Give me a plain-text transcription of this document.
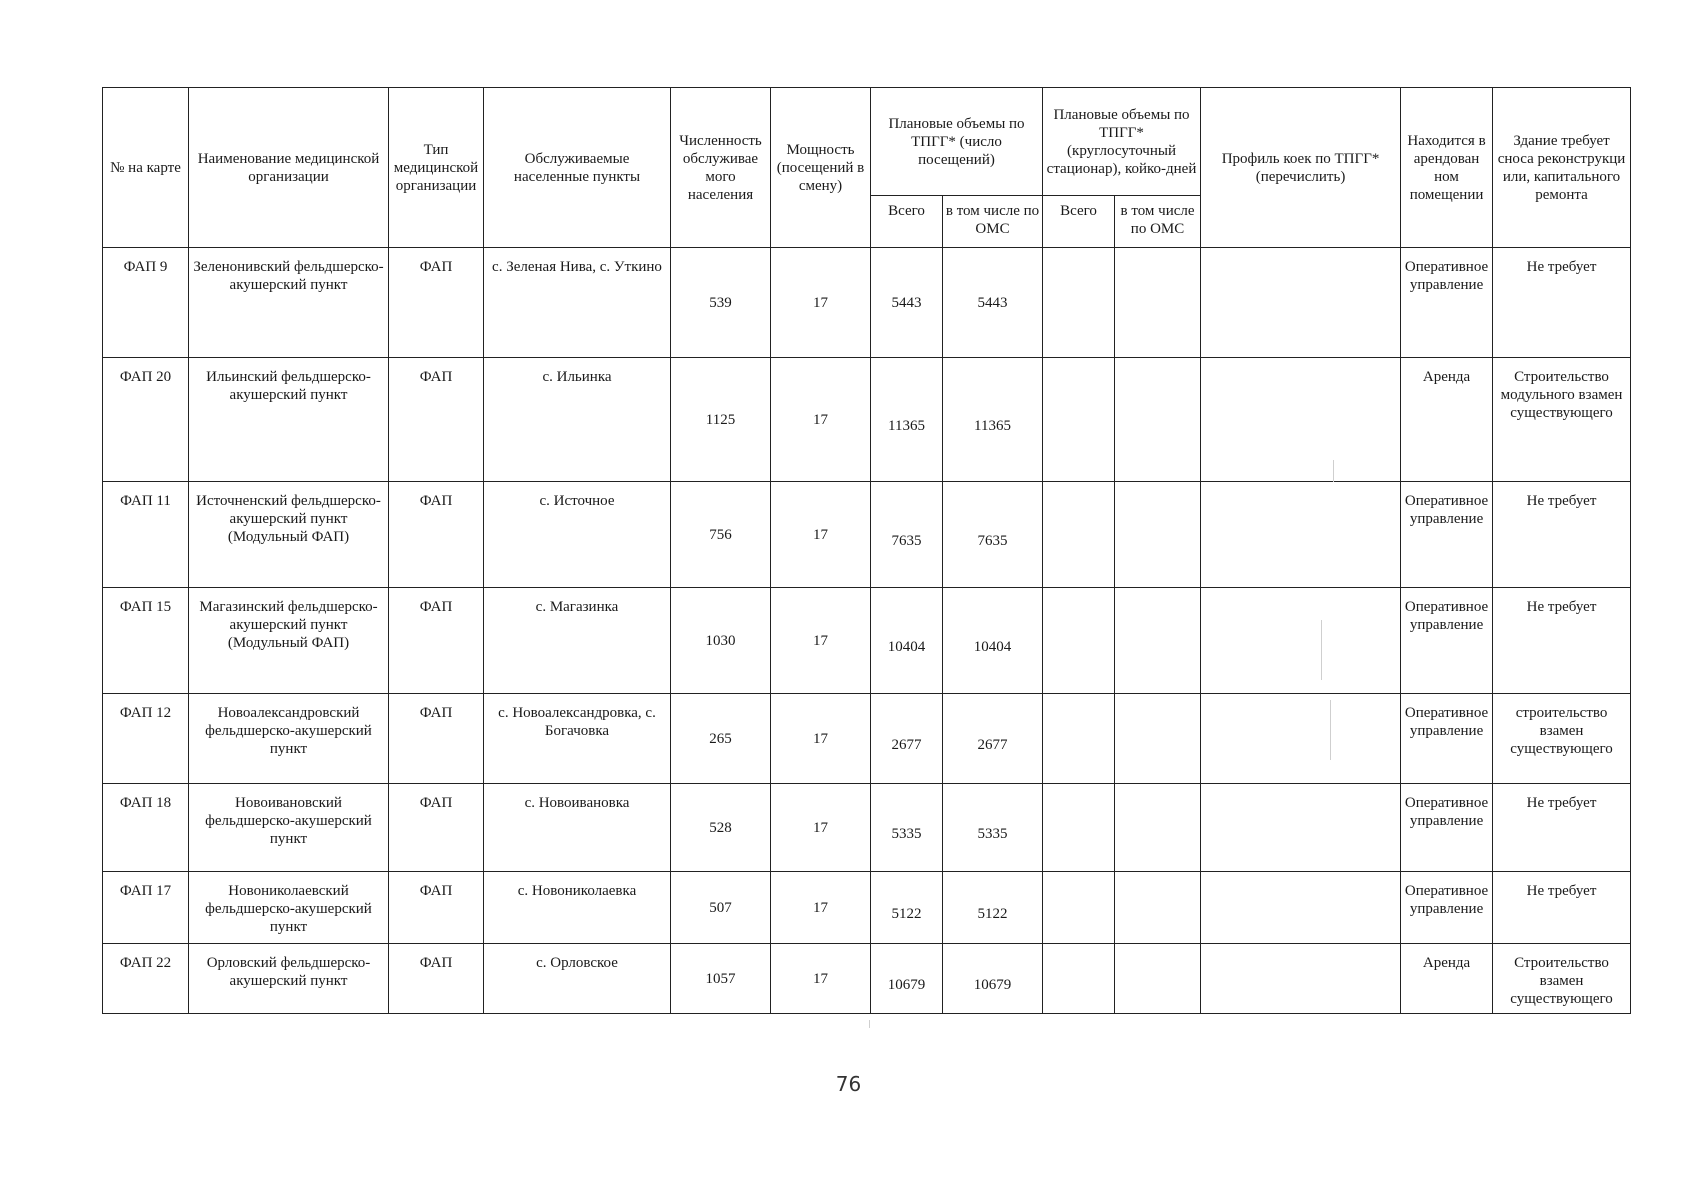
№ на карте	Наименование медицинской организации	Тип медицинской организации	Обслуживаемые населенные пункты	Численность обслуживае мого населения	Мощность (посещений в смену)	Плановые объемы по ТПГГ* (число посещений)		Плановые объемы по ТПГГ* (круглосуточный стационар), койко-дней		Профиль коек по ТПГГ* (перечислить)	Находится в арендован ном помещении	Здание требует сноса реконструкци или, капитального ремонта
						Всего	в том числе по ОМС	Всего	в том числе по ОМС			
ФАП 9	Зеленонивский фельдшерско-акушерский пункт	ФАП	с. Зеленая Нива, с. Уткино	539	17	5443	5443				Оперативное управление	Не требует
ФАП 20	Ильинский фельдшерско-акушерский пункт	ФАП	с. Ильинка	1125	17	11365	11365				Аренда	Строительство модульного взамен существующего
ФАП 11	Источненский фельдшерско-акушерский пункт (Модульный ФАП)	ФАП	с. Источное	756	17	7635	7635				Оперативное управление	Не требует
ФАП 15	Магазинский фельдшерско-акушерский пункт (Модульный ФАП)	ФАП	с. Магазинка	1030	17	10404	10404				Оперативное управление	Не требует
ФАП 12	Новоалександровский фельдшерско-акушерский пункт	ФАП	с. Новоалександровка, с. Богачовка	265	17	2677	2677				Оперативное управление	строительство взамен существующего
ФАП 18	Новоивановский фельдшерско-акушерский пункт	ФАП	с. Новоивановка	528	17	5335	5335				Оперативное управление	Не требует
ФАП 17	Новониколаевский фельдшерско-акушерский пункт	ФАП	с. Новониколаевка	507	17	5122	5122				Оперативное управление	Не требует
ФАП 22	Орловский фельдшерско-акушерский пункт	ФАП	с. Орловское	1057	17	10679	10679				Аренда	Строительство взамен существующего
76
